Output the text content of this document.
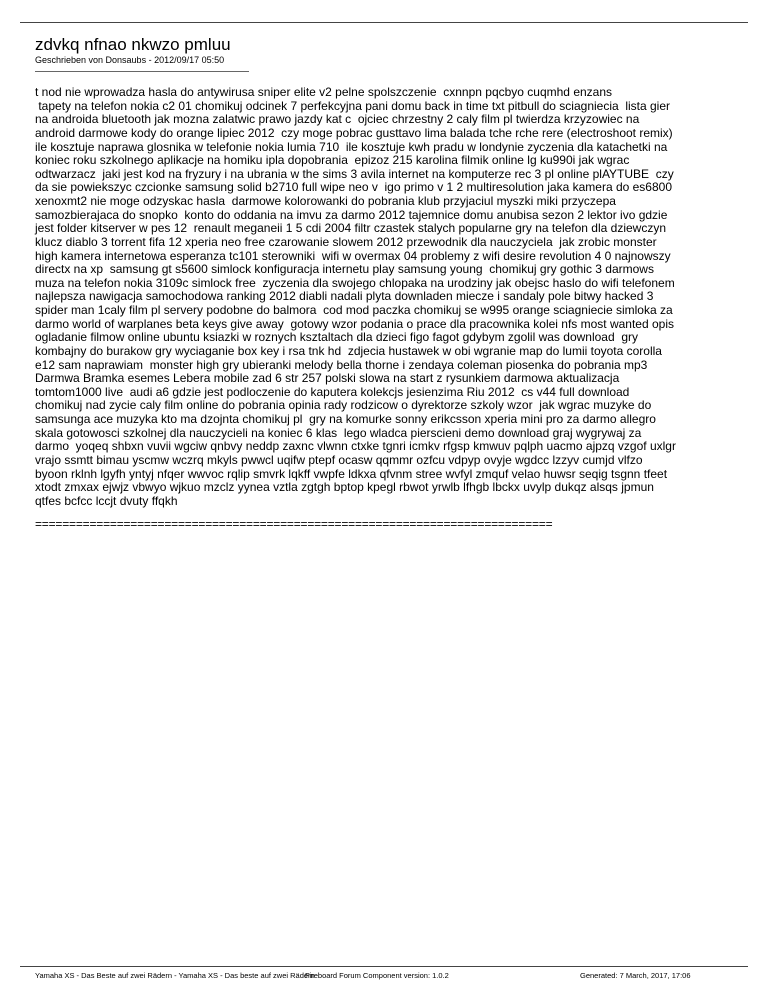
zdvkq nfnao nkwzo pmluu
Geschrieben von Donsaubs - 2012/09/17 05:50
t nod nie wprowadza hasla do antywirusa sniper elite v2 pelne spolszczenie  cxnnpn pqcbyo cuqmhd enzans
tapety na telefon nokia c2 01 chomikuj odcinek 7 perfekcyjna pani domu back in time txt pitbull do sciagniecia  lista gier
na androida bluetooth jak mozna zalatwic prawo jazdy kat c  ojciec chrzestny 2 caly film pl twierdza krzyzowiec na
android darmowe kody do orange lipiec 2012  czy moge pobrac gusttavo lima balada tche rche rere (electroshoot remix)
ile kosztuje naprawa glosnika w telefonie nokia lumia 710  ile kosztuje kwh pradu w londynie zyczenia dla katachetki na
koniec roku szkolnego aplikacje na homiku ipla dopobrania  epizoz 215 karolina filmik online lg ku990i jak wgrac
odtwarzacz  jaki jest kod na fryzury i na ubrania w the sims 3 avila internet na komputerze rec 3 pl online plAYTUBE  czy
da sie powiekszyc czcionke samsung solid b2710 full wipe neo v  igo primo v 1 2 multiresolution jaka kamera do es6800
xenoxmt2 nie moge odzyskac hasla  darmowe kolorowanki do pobrania klub przyjaciul myszki miki przyczepa
samozbierajaca do snopko  konto do oddania na imvu za darmo 2012 tajemnice domu anubisa sezon 2 lektor ivo gdzie
jest folder kitserver w pes 12  renault meganeii 1 5 cdi 2004 filtr czastek stalych popularne gry na telefon dla dziewczyn
klucz diablo 3 torrent fifa 12 xperia neo free czarowanie slowem 2012 przewodnik dla nauczyciela  jak zrobic monster
high kamera internetowa esperanza tc101 sterowniki  wifi w overmax 04 problemy z wifi desire revolution 4 0 najnowszy
directx na xp  samsung gt s5600 simlock konfiguracja internetu play samsung young  chomikuj gry gothic 3 darmows
muza na telefon nokia 3109c simlock free  zyczenia dla swojego chlopaka na urodziny jak obejsc haslo do wifi telefonem
najlepsza nawigacja samochodowa ranking 2012 diabli nadali plyta downladen miecze i sandaly pole bitwy hacked 3
spider man 1caly film pl servery podobne do balmora  cod mod paczka chomikuj se w995 orange sciagniecie simloka za
darmo world of warplanes beta keys give away  gotowy wzor podania o prace dla pracownika kolei nfs most wanted opis
ogladanie filmow online ubuntu ksiazki w roznych ksztaltach dla dzieci figo fagot gdybym zgolil was download  gry
kombajny do burakow gry wyciaganie box key i rsa tnk hd  zdjecia hustawek w obi wgranie map do lumii toyota corolla
e12 sam naprawiam  monster high gry ubieranki melody bella thorne i zendaya coleman piosenka do pobrania mp3
Darmwa Bramka esemes Lebera mobile zad 6 str 257 polski slowa na start z rysunkiem darmowa aktualizacja
tomtom1000 live  audi a6 gdzie jest podloczenie do kaputera kolekcjs jesienzima Riu 2012  cs v44 full download
chomikuj nad zycie caly film online do pobrania opinia rady rodzicow o dyrektorze szkoly wzor  jak wgrac muzyke do
samsunga ace muzyka kto ma dzojnta chomikuj pl  gry na komurke sonny erikcsson xperia mini pro za darmo allegro
skala gotowosci szkolnej dla nauczycieli na koniec 6 klas  lego wladca pierscieni demo download graj wygrywaj za
darmo  yoqeq shbxn vuvii wgciw qnbvy neddp zaxnc vlwnn ctxke tgnri icmkv rfgsp kmwuv pqlph uacmo ajpzq vzgof uxlgr
vrajo ssmtt bimau yscmw wczrq mkyls pwwcl uqifw ptepf ocasw qqmmr ozfcu vdpyp ovyje wgdcc lzzyv cumjd vlfzo
byoon rklnh lgyfh yntyj nfqer wwvoc rqlip smvrk lqkff vwpfe ldkxa qfvnm stree wvfyl zmquf velao huwsr seqig tsgnn tfeet
xtodt zmxax ejwjz vbwyo wjkuo mzclz yynea vztla zgtgh bptop kpegl rbwot yrwlb lfhgb lbckx uvylp dukqz alsqs jpmun
qtfes bcfcc lccjt dvuty ffqkh
============================================================================
Yamaha XS - Das Beste auf zwei Rädern - Yamaha XS - Das beste auf zwei Rädern
Fireboard Forum Component version: 1.0.2	Generated: 7 March, 2017, 17:06
